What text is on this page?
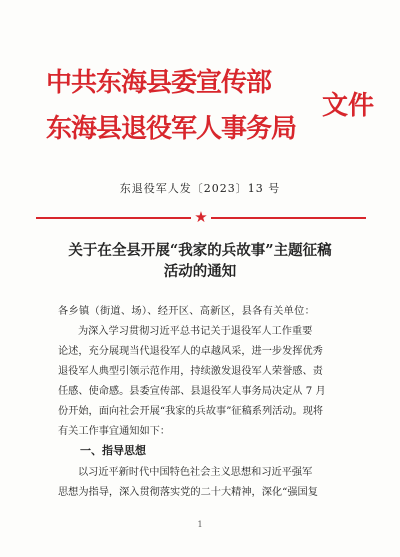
中共东海县委宣传部
东海县退役军人事务局
文件
东退役军人发〔2023〕13 号
★
关于在全县开展“我家的兵故事”主题征稿
活动的通知
各乡镇（街道、场）、经开区、高新区，县各有关单位：
为深入学习贯彻习近平总书记关于退役军人工作重要
论述，充分展现当代退役军人的卓越风采，进一步发挥优秀
退役军人典型引领示范作用，持续激发退役军人荣誉感、责
任感、使命感。县委宣传部、县退役军人事务局决定从 7 月
份开始，面向社会开展“我家的兵故事”征稿系列活动。现将
有关工作事宜通知如下：
一、指导思想
以习近平新时代中国特色社会主义思想和习近平强军
思想为指导，深入贯彻落实党的二十大精神，深化“强国复
1
